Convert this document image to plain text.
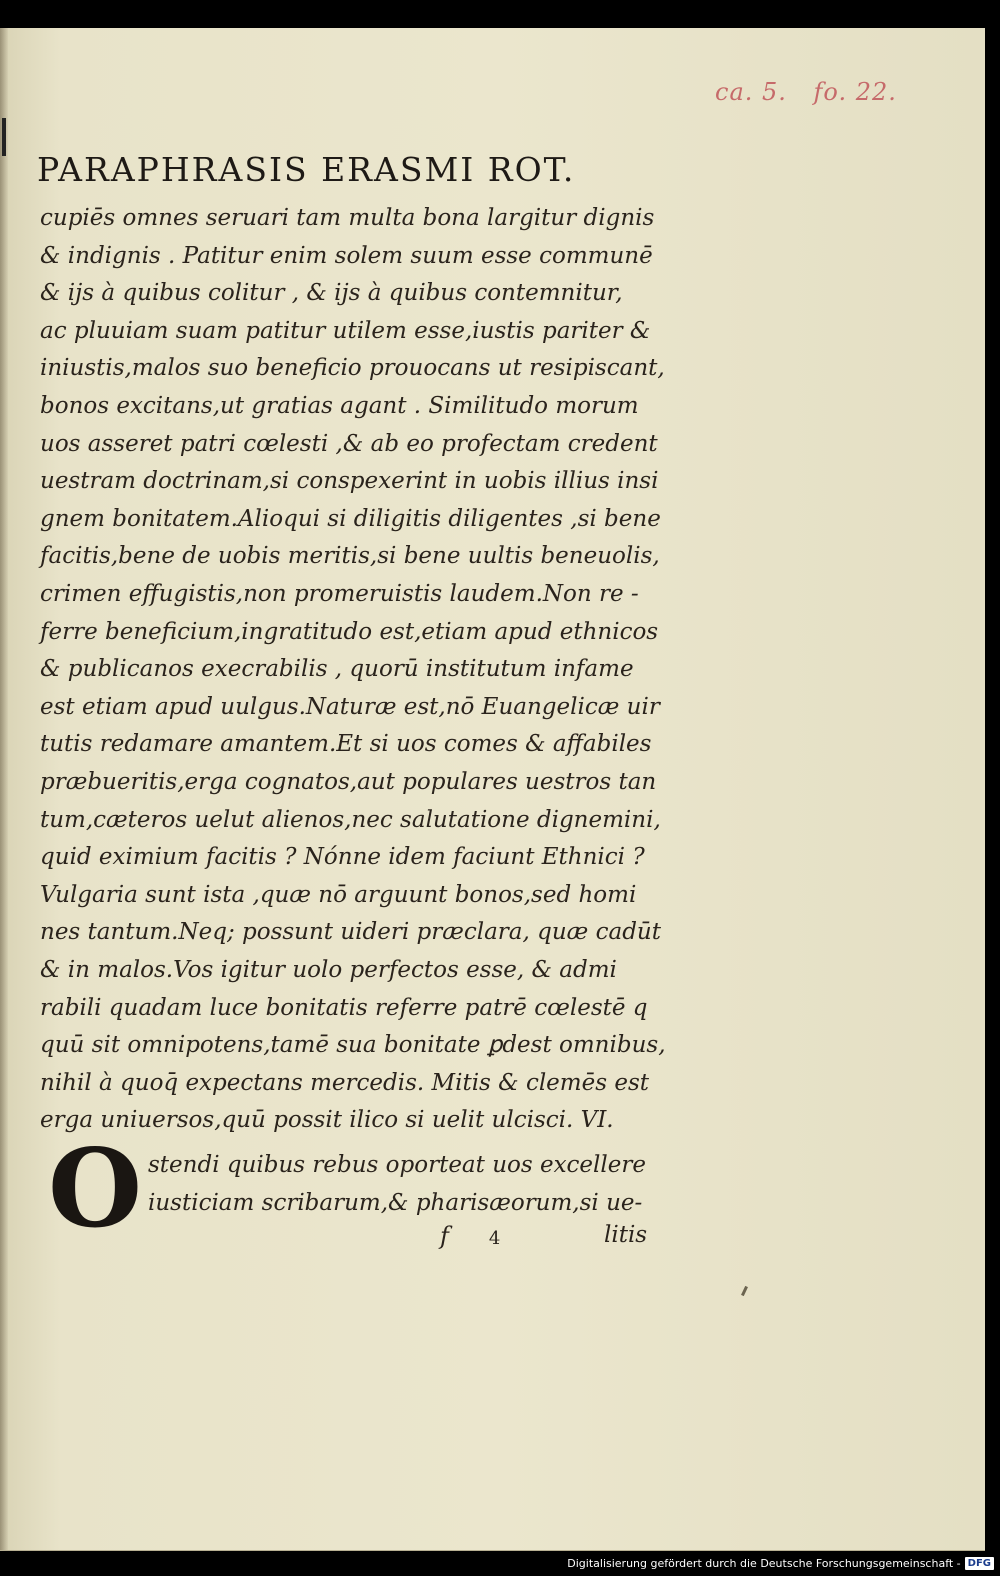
ca. 5. fo. 22.
PARAPHRASIS ERASMI ROT.
cupiēs omnes seruari tam multa bona largitur dignis
& indignis . Patitur enim solem suum esse communē
& ijs à quibus colitur , & ijs à quibus contemnitur,
ac pluuiam suam patitur utilem esse,iustis pariter &
iniustis,malos suo beneficio prouocans ut resipiscant,
bonos excitans,ut gratias agant . Similitudo morum
uos asseret patri cœlesti ,& ab eo profectam credent
uestram doctrinam,si conspexerint in uobis illius insi
gnem bonitatem.Alioqui si diligitis diligentes ,si bene
facitis,bene de uobis meritis,si bene uultis beneuolis,
crimen effugistis,non promeruistis laudem.Non re -
ferre beneficium,ingratitudo est,etiam apud ethnicos
& publicanos execrabilis , quorū institutum infame
est etiam apud uulgus.Naturæ est,nō Euangelicæ uir
tutis redamare amantem.Et si uos comes & affabiles
præbueritis,erga cognatos,aut populares uestros tan
tum,cæteros uelut alienos,nec salutatione dignemini,
quid eximium facitis ? Nónne idem faciunt Ethnici ?
Vulgaria sunt ista ,quæ nō arguunt bonos,sed homi
nes tantum.Neq; possunt uideri præclara, quæ cadūt
& in malos.Vos igitur uolo perfectos esse, & admi
rabili quadam luce bonitatis referre patrē cœlestē q
quū sit omnipotens,tamē sua bonitate ꝑdest omnibus,
nihil à quoq̄ expectans mercedis. Mitis & clemēs est
erga uniuersos,quū possit ilico si uelit ulcisci. VI.
O stendi quibus rebus oporteat uos excellere
iusticiam scribarum,& pharisæorum,si ue-
f 4	litis
Digitalisierung gefördert durch die Deutsche Forschungsgemeinschaft - DFG
